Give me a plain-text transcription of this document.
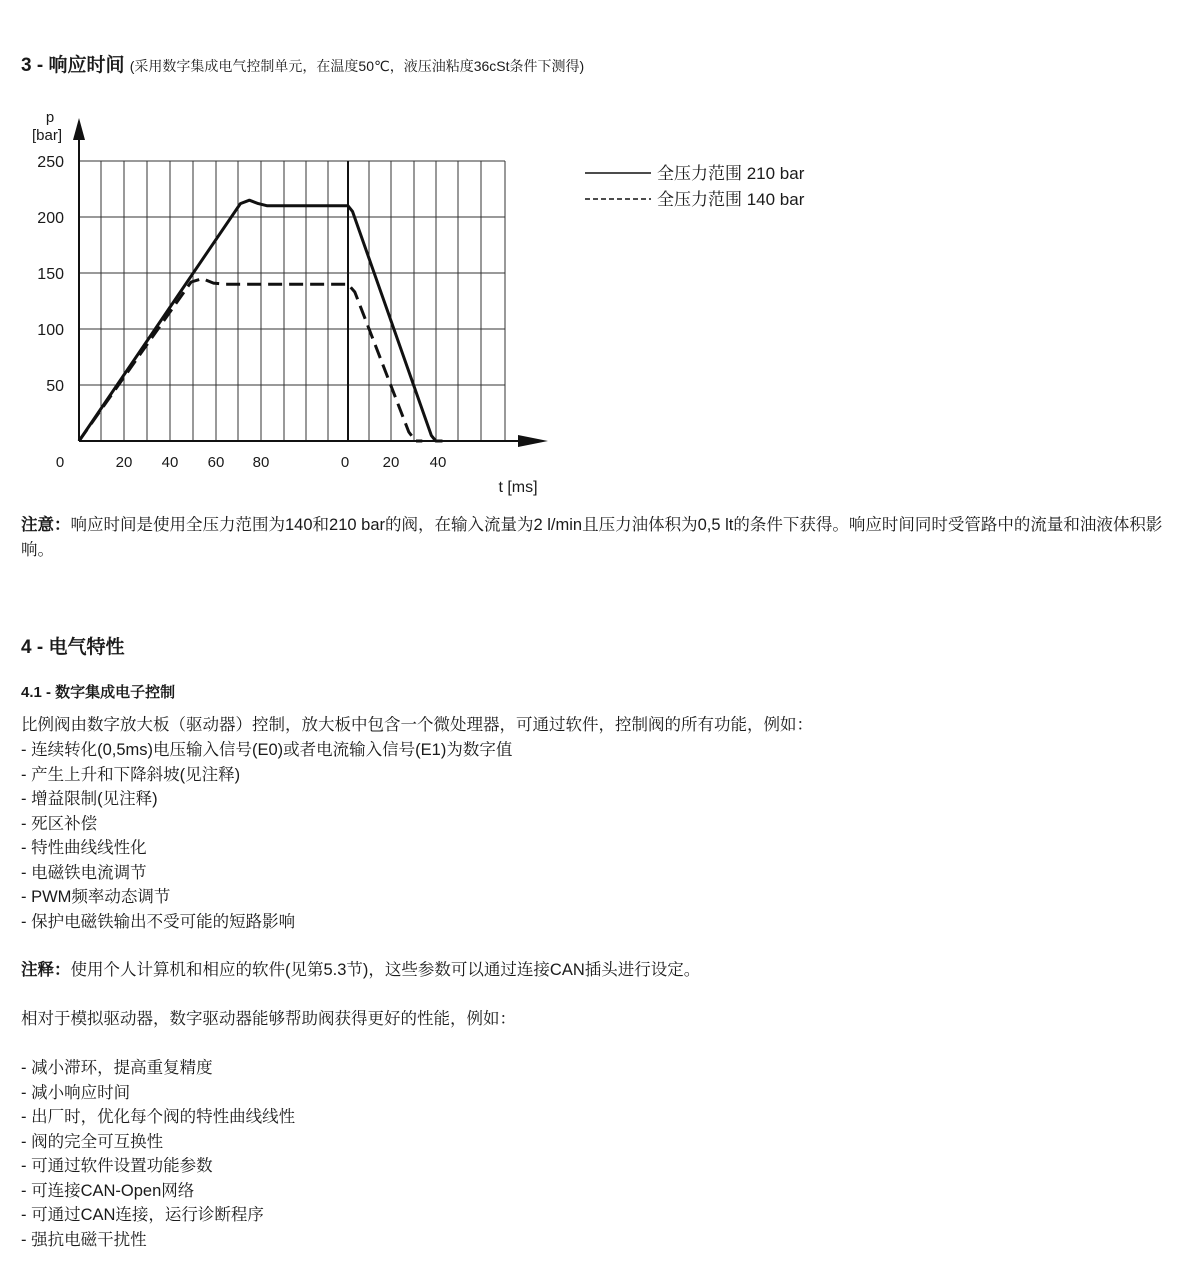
3 - 响应时间 (采用数字集成电气控制单元，在温度50℃，液压油粘度36cSt条件下测得)
p
[bar]
250
200
150
100
50
0	20 40 60 80	0 20 40
t [ms]
全压力范围 210 bar
全压力范围 140 bar
注意：响应时间是使用全压力范围为140和210 bar的阀，在输入流量为2 l/min且压力油体积为0,5 lt的条件下获得。响应时间同时受管路中的流量和油液体积影响。
4 - 电气特性
4.1 - 数字集成电子控制
比例阀由数字放大板（驱动器）控制，放大板中包含一个微处理器，可通过软件，控制阀的所有功能，例如：
- 连续转化(0,5ms)电压输入信号(E0)或者电流输入信号(E1)为数字值
- 产生上升和下降斜坡(见注释)
- 增益限制(见注释)
- 死区补偿
- 特性曲线线性化
- 电磁铁电流调节
- PWM频率动态调节
- 保护电磁铁输出不受可能的短路影响
注释：使用个人计算机和相应的软件(见第5.3节)，这些参数可以通过连接CAN插头进行设定。
相对于模拟驱动器，数字驱动器能够帮助阀获得更好的性能，例如：
- 减小滞环，提高重复精度
- 减小响应时间
- 出厂时，优化每个阀的特性曲线线性
- 阀的完全可互换性
- 可通过软件设置功能参数
- 可连接CAN-Open网络
- 可通过CAN连接，运行诊断程序
- 强抗电磁干扰性
